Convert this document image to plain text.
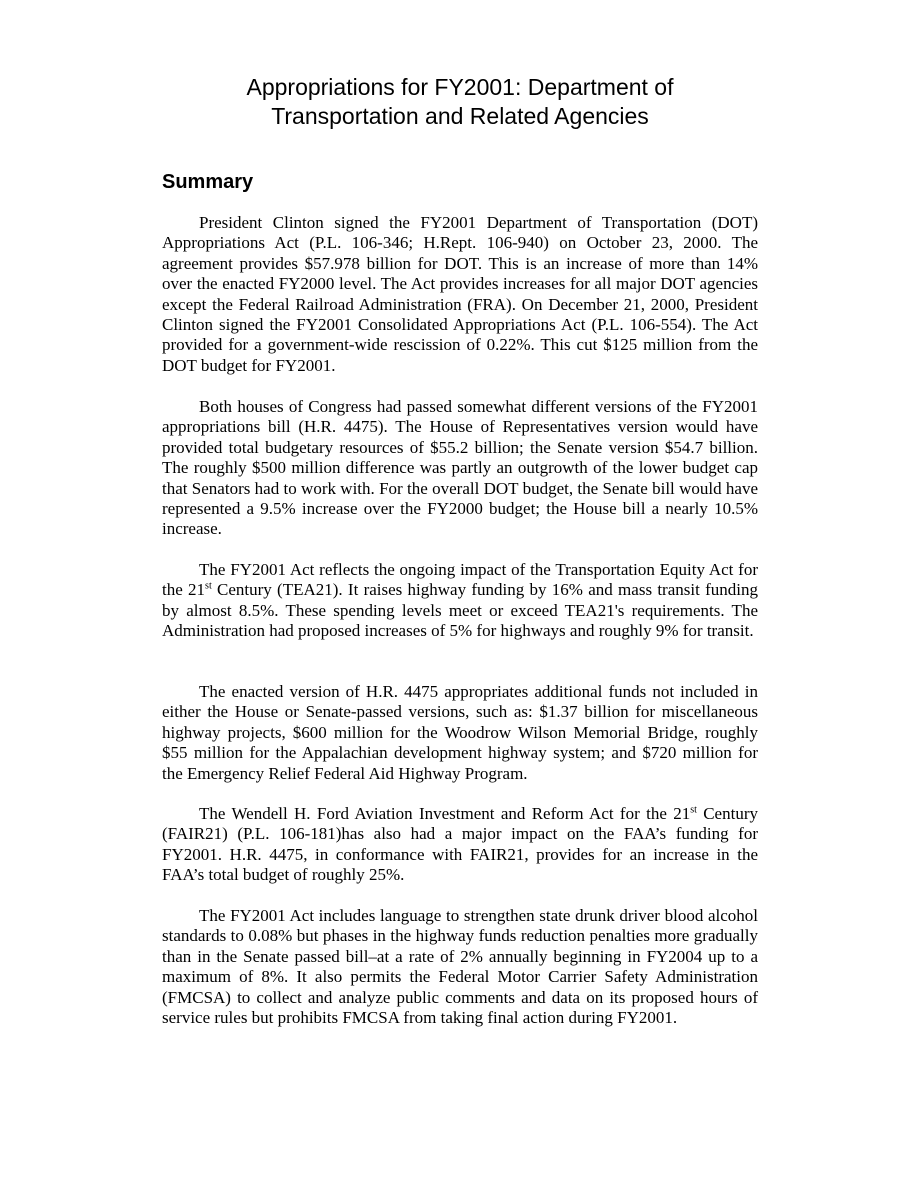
Appropriations for FY2001: Department of
Transportation and Related Agencies
Summary

President Clinton signed the FY2001 Department of Transportation (DOT) Appropriations Act (P.L. 106-346; H.Rept. 106-940) on October 23, 2000. The agreement provides $57.978 billion for DOT. This is an increase of more than 14% over the enacted FY2000 level. The Act provides increases for all major DOT agencies except the Federal Railroad Administration (FRA). On December 21, 2000, President Clinton signed the FY2001 Consolidated Appropriations Act (P.L. 106-554). The Act provided for a government-wide rescission of 0.22%. This cut $125 million from the DOT budget for FY2001.

Both houses of Congress had passed somewhat different versions of the FY2001 appropriations bill (H.R. 4475). The House of Representatives version would have provided total budgetary resources of $55.2 billion; the Senate version $54.7 billion. The roughly $500 million difference was partly an outgrowth of the lower budget cap that Senators had to work with. For the overall DOT budget, the Senate bill would have represented a 9.5% increase over the FY2000 budget; the House bill a nearly 10.5% increase.

The FY2001 Act reflects the ongoing impact of the Transportation Equity Act for the 21st Century (TEA21). It raises highway funding by 16% and mass transit funding by almost 8.5%. These spending levels meet or exceed TEA21's requirements. The Administration had proposed increases of 5% for highways and roughly 9% for transit.

The enacted version of H.R. 4475 appropriates additional funds not included in either the House or Senate-passed versions, such as: $1.37 billion for miscellaneous highway projects, $600 million for the Woodrow Wilson Memorial Bridge, roughly $55 million for the Appalachian development highway system; and $720 million for the Emergency Relief Federal Aid Highway Program.

The Wendell H. Ford Aviation Investment and Reform Act for the 21st Century (FAIR21) (P.L. 106-181)has also had a major impact on the FAA’s funding for FY2001. H.R. 4475, in conformance with FAIR21, provides for an increase in the FAA’s total budget of roughly 25%.

The FY2001 Act includes language to strengthen state drunk driver blood alcohol standards to 0.08% but phases in the highway funds reduction penalties more gradually than in the Senate passed bill–at a rate of 2% annually beginning in FY2004 up to a maximum of 8%. It also permits the Federal Motor Carrier Safety Administration (FMCSA) to collect and analyze public comments and data on its proposed hours of service rules but prohibits FMCSA from taking final action during FY2001.
